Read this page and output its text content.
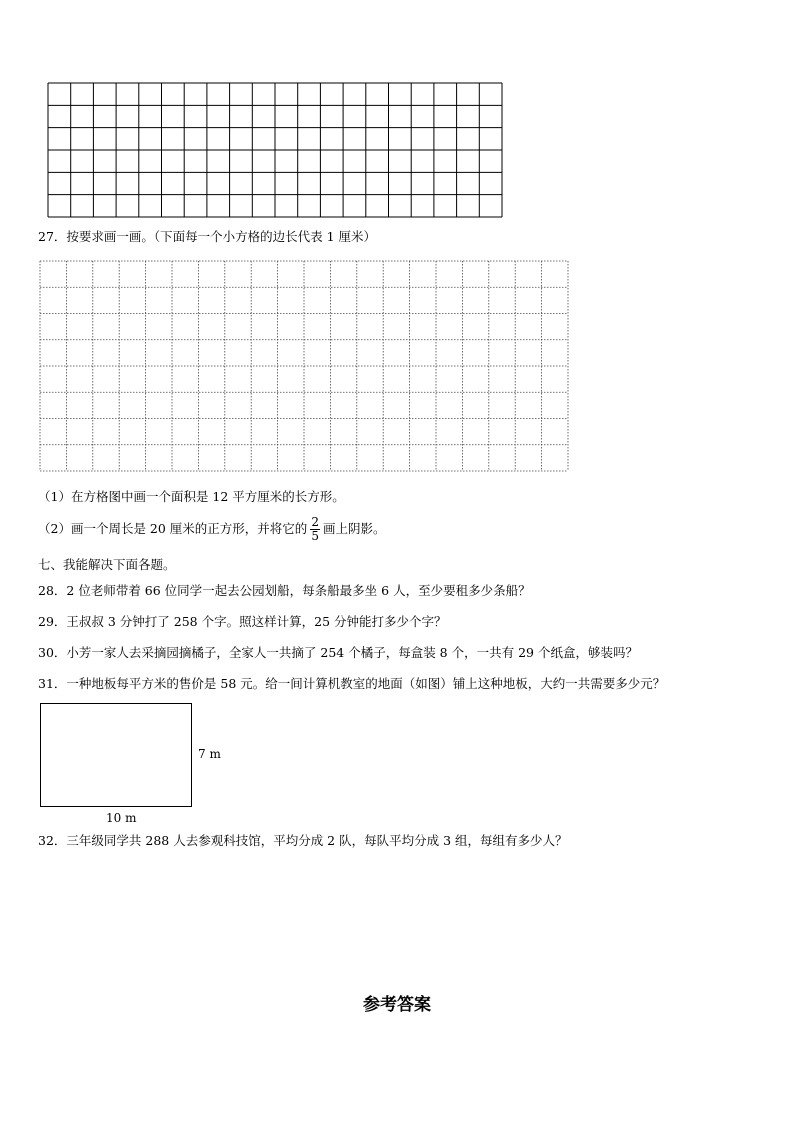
27．按要求画一画。（下面每一个小方格的边长代表 1 厘米）
（1）在方格图中画一个面积是 12 平方厘米的长方形。
（2）画一个周长是 20 厘米的正方形，并将它的 $\frac{2}{5}$ 画上阴影。
七、我能解决下面各题。
28．2 位老师带着 66 位同学一起去公园划船，每条船最多坐 6 人，至少要租多少条船？
29．王叔叔 3 分钟打了 258 个字。照这样计算，25 分钟能打多少个字？
30．小芳一家人去采摘园摘橘子，全家人一共摘了 254 个橘子，每盒装 8 个，一共有 29 个纸盒，够装吗？
31．一种地板每平方米的售价是 58 元。给一间计算机教室的地面（如图）铺上这种地板，大约一共需要多少元？
7 m
10 m
32．三年级同学共 288 人去参观科技馆，平均分成 2 队，每队平均分成 3 组，每组有多少人？
参考答案
